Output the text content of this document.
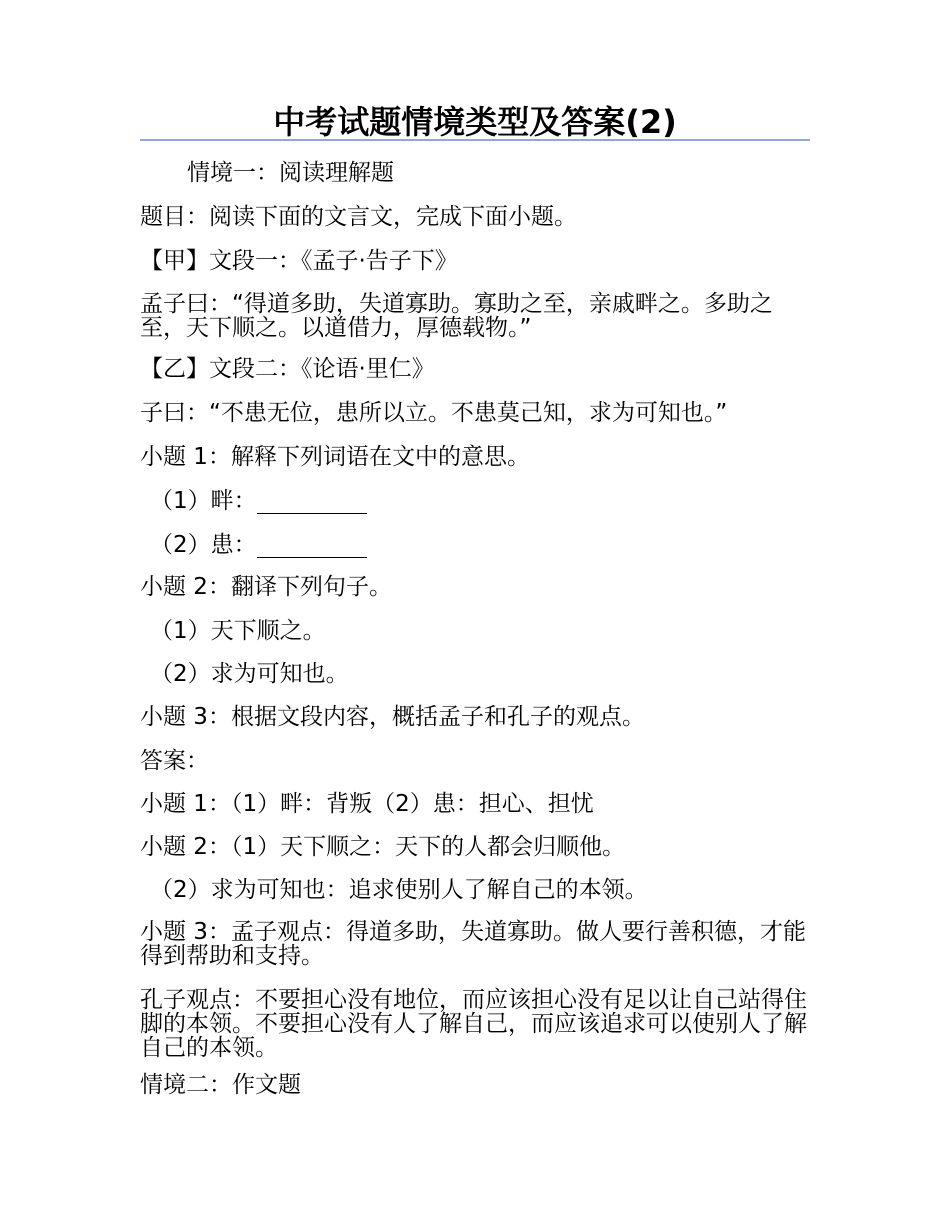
中考试题情境类型及答案(2)
情境一：阅读理解题
题目：阅读下面的文言文，完成下面小题。
【甲】文段一：《孟子·告子下》
孟子曰：“得道多助，失道寡助。寡助之至，亲戚畔之。多助之至，天下顺之。以道借力，厚德载物。”
【乙】文段二：《论语·里仁》
子曰：“不患无位，患所以立。不患莫己知，求为可知也。”
小题 1：解释下列词语在文中的意思。
（1）畔：
（2）患：
小题 2：翻译下列句子。
（1）天下顺之。
（2）求为可知也。
小题 3：根据文段内容，概括孟子和孔子的观点。
答案：
小题 1：（1）畔：背叛（2）患：担心、担忧
小题 2：（1）天下顺之：天下的人都会归顺他。
（2）求为可知也：追求使别人了解自己的本领。
小题 3：孟子观点：得道多助，失道寡助。做人要行善积德，才能得到帮助和支持。
孔子观点：不要担心没有地位，而应该担心没有足以让自己站得住脚的本领。不要担心没有人了解自己，而应该追求可以使别人了解自己的本领。
情境二：作文题
